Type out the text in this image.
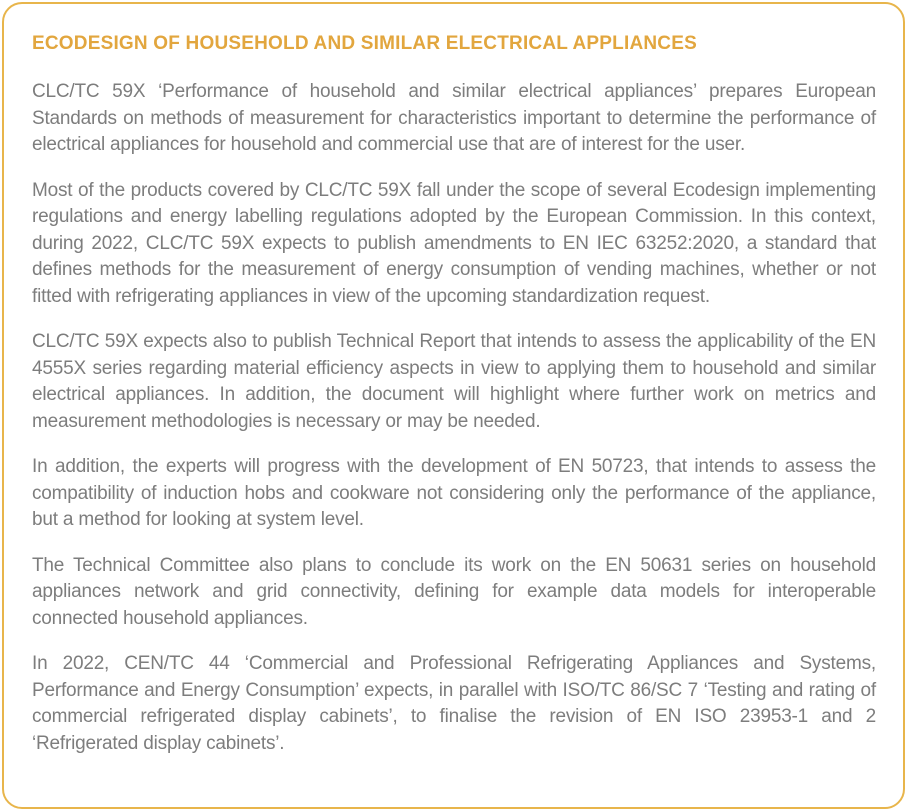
ECODESIGN OF HOUSEHOLD AND SIMILAR ELECTRICAL APPLIANCES

CLC/TC 59X ‘Performance of household and similar electrical appliances’ prepares European Standards on methods of measurement for characteristics important to determine the performance of electrical appliances for household and commercial use that are of interest for the user.

Most of the products covered by CLC/TC 59X fall under the scope of several Ecodesign implementing regulations and energy labelling regulations adopted by the European Commission. In this context, during 2022, CLC/TC 59X expects to publish amendments to EN IEC 63252:2020, a standard that defines methods for the measurement of energy consumption of vending machines, whether or not fitted with refrigerating appliances in view of the upcoming standardization request.

CLC/TC 59X expects also to publish Technical Report that intends to assess the applicability of the EN 4555X series regarding material efficiency aspects in view to applying them to household and similar electrical appliances. In addition, the document will highlight where further work on metrics and measurement methodologies is necessary or may be needed.

In addition, the experts will progress with the development of EN 50723, that intends to assess the compatibility of induction hobs and cookware not considering only the performance of the appliance, but a method for looking at system level.

The Technical Committee also plans to conclude its work on the EN 50631 series on household appliances network and grid connectivity, defining for example data models for interoperable connected household appliances.

In 2022, CEN/TC 44 ‘Commercial and Professional Refrigerating Appliances and Systems, Performance and Energy Consumption’ expects, in parallel with ISO/TC 86/SC 7 ‘Testing and rating of commercial refrigerated display cabinets’, to finalise the revision of EN ISO 23953-1 and 2 ‘Refrigerated display cabinets’.
